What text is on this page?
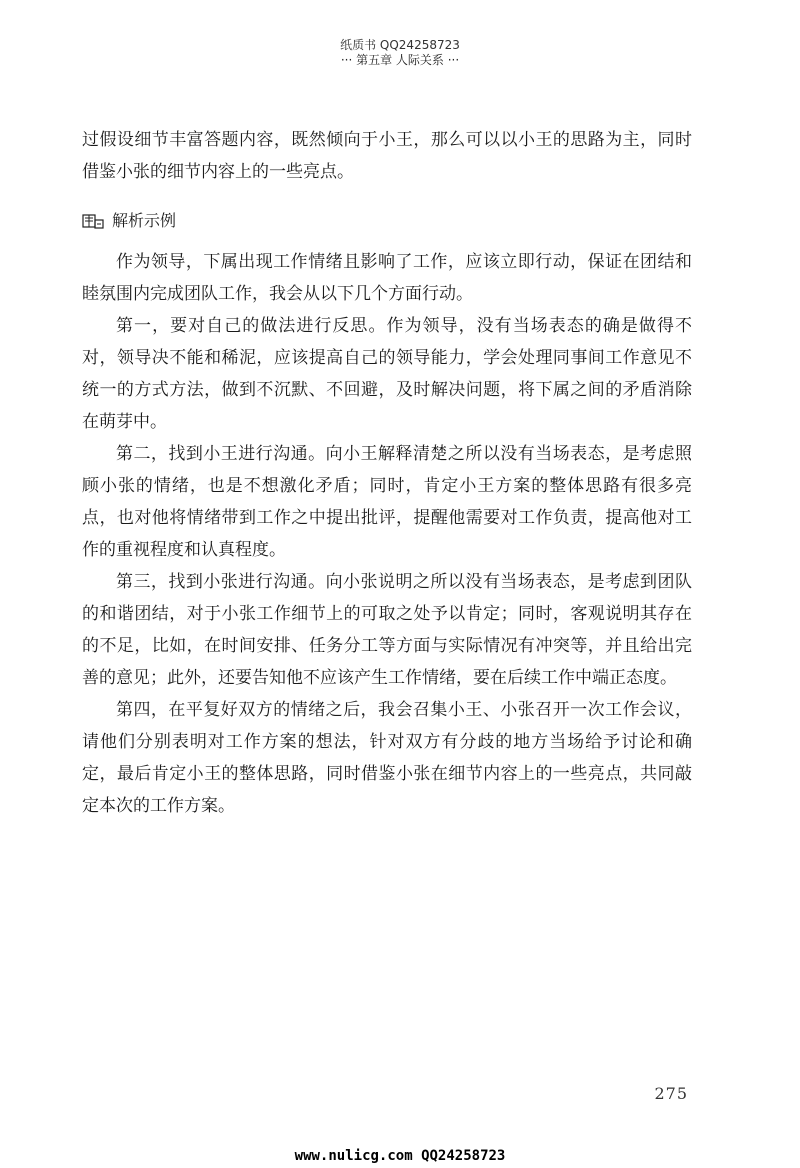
纸质书 QQ24258723
··· 第五章 人际关系 ···

过假设细节丰富答题内容，既然倾向于小王，那么可以以小王的思路为主，同时借鉴小张的细节内容上的一些亮点。

解析示例

作为领导，下属出现工作情绪且影响了工作，应该立即行动，保证在团结和睦氛围内完成团队工作，我会从以下几个方面行动。

第一，要对自己的做法进行反思。作为领导，没有当场表态的确是做得不对，领导决不能和稀泥，应该提高自己的领导能力，学会处理同事间工作意见不统一的方式方法，做到不沉默、不回避，及时解决问题，将下属之间的矛盾消除在萌芽中。

第二，找到小王进行沟通。向小王解释清楚之所以没有当场表态，是考虑照顾小张的情绪，也是不想激化矛盾；同时，肯定小王方案的整体思路有很多亮点，也对他将情绪带到工作之中提出批评，提醒他需要对工作负责，提高他对工作的重视程度和认真程度。

第三，找到小张进行沟通。向小张说明之所以没有当场表态，是考虑到团队的和谐团结，对于小张工作细节上的可取之处予以肯定；同时，客观说明其存在的不足，比如，在时间安排、任务分工等方面与实际情况有冲突等，并且给出完善的意见；此外，还要告知他不应该产生工作情绪，要在后续工作中端正态度。

第四，在平复好双方的情绪之后，我会召集小王、小张召开一次工作会议，请他们分别表明对工作方案的想法，针对双方有分歧的地方当场给予讨论和确定，最后肯定小王的整体思路，同时借鉴小张在细节内容上的一些亮点，共同敲定本次的工作方案。

275
www.nulicg.com QQ24258723
